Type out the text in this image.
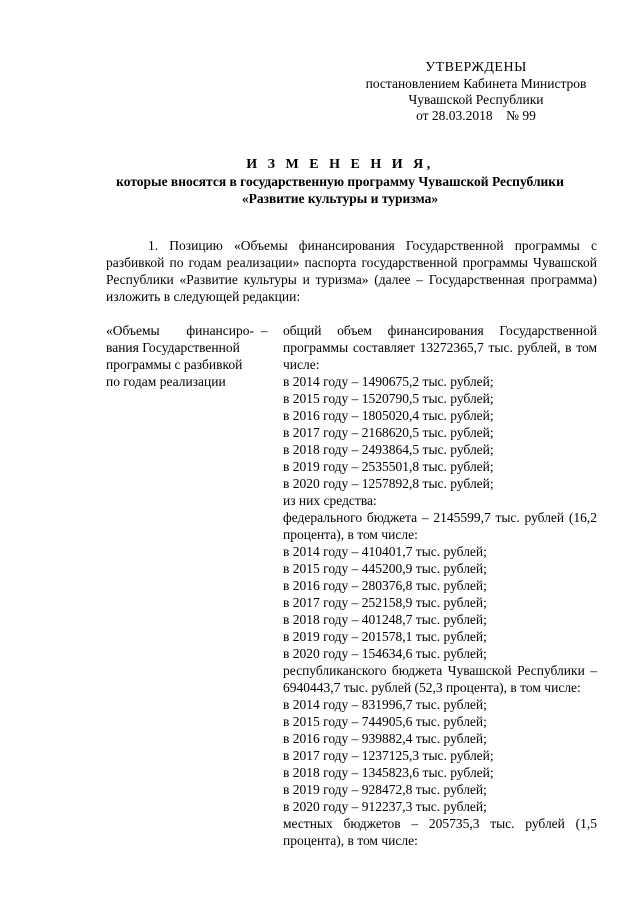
УТВЕРЖДЕНЫ
постановлением Кабинета Министров
Чувашской Республики
от 28.03.2018    № 99
И З М Е Н Е Н И Я,
которые вносятся в государственную программу Чувашской Республики
«Развитие культуры и туризма»
1. Позицию «Объемы финансирования Государственной программы с разбивкой по годам реализации» паспорта государственной программы Чувашской Республики «Развитие культуры и туризма» (далее – Государственная программа) изложить в следующей редакции:
«Объемы финансиро-
вания Государственной
программы с разбивкой
по годам реализации
– общий объем финансирования Государственной программы составляет 13272365,7 тыс. рублей, в том числе:
в 2014 году – 1490675,2 тыс. рублей;
в 2015 году – 1520790,5 тыс. рублей;
в 2016 году – 1805020,4 тыс. рублей;
в 2017 году – 2168620,5 тыс. рублей;
в 2018 году – 2493864,5 тыс. рублей;
в 2019 году – 2535501,8 тыс. рублей;
в 2020 году – 1257892,8 тыс. рублей;
из них средства:
федерального бюджета – 2145599,7 тыс. рублей (16,2 процента), в том числе:
в 2014 году – 410401,7 тыс. рублей;
в 2015 году – 445200,9 тыс. рублей;
в 2016 году – 280376,8 тыс. рублей;
в 2017 году – 252158,9 тыс. рублей;
в 2018 году – 401248,7 тыс. рублей;
в 2019 году – 201578,1 тыс. рублей;
в 2020 году – 154634,6 тыс. рублей;
республиканского бюджета Чувашской Республики – 6940443,7 тыс. рублей (52,3 процента), в том числе:
в 2014 году – 831996,7 тыс. рублей;
в 2015 году – 744905,6 тыс. рублей;
в 2016 году – 939882,4 тыс. рублей;
в 2017 году – 1237125,3 тыс. рублей;
в 2018 году – 1345823,6 тыс. рублей;
в 2019 году – 928472,8 тыс. рублей;
в 2020 году – 912237,3 тыс. рублей;
местных бюджетов – 205735,3 тыс. рублей (1,5 процента), в том числе:
